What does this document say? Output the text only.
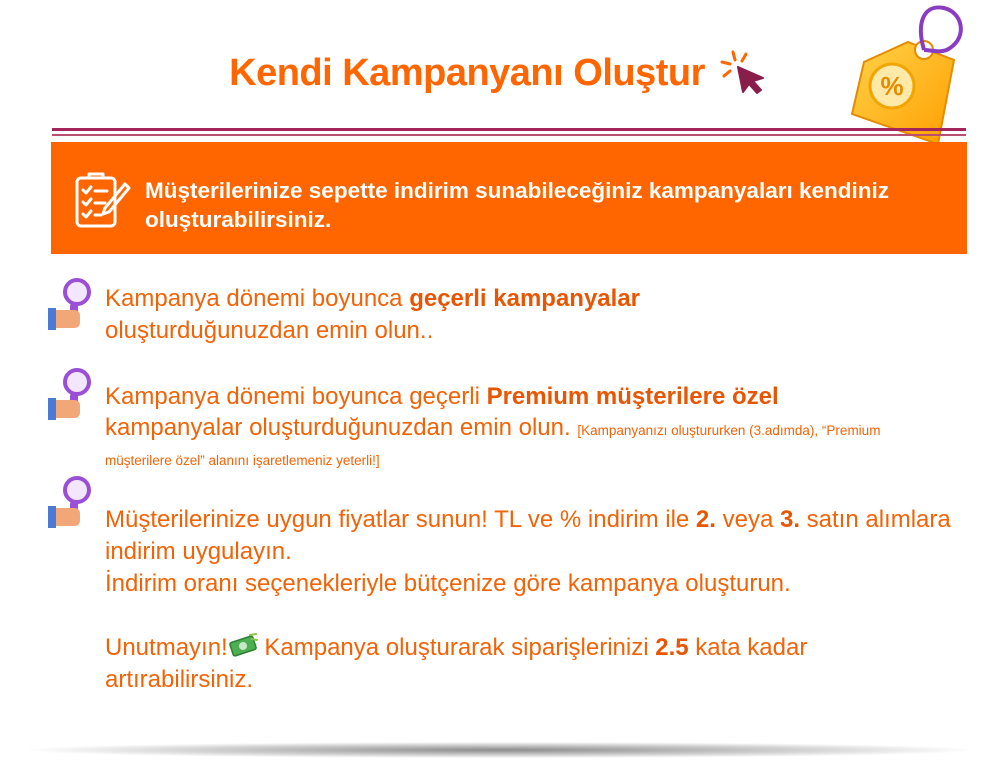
Kendi Kampanyanı Oluştur	%
Müşterilerinize sepette indirim sunabileceğiniz kampanyaları kendiniz oluşturabilirsiniz.
Kampanya dönemi boyunca geçerli kampanyalar
oluşturduğunuzdan emin olun..
Kampanya dönemi boyunca geçerli Premium müşterilere özel
kampanyalar oluşturduğunuzdan emin olun. [Kampanyanızı oluştururken (3.adımda), “Premium müşterilere özel” alanını işaretlemeniz yeterli!]
Müşterilerinize uygun fiyatlar sunun! TL ve % indirim ile 2. veya 3. satın alımlara indirim uygulayın.
İndirim oranı seçenekleriyle bütçenize göre kampanya oluşturun.
Unutmayın! Kampanya oluşturarak siparişlerinizi 2.5 kata kadar artırabilirsiniz.
